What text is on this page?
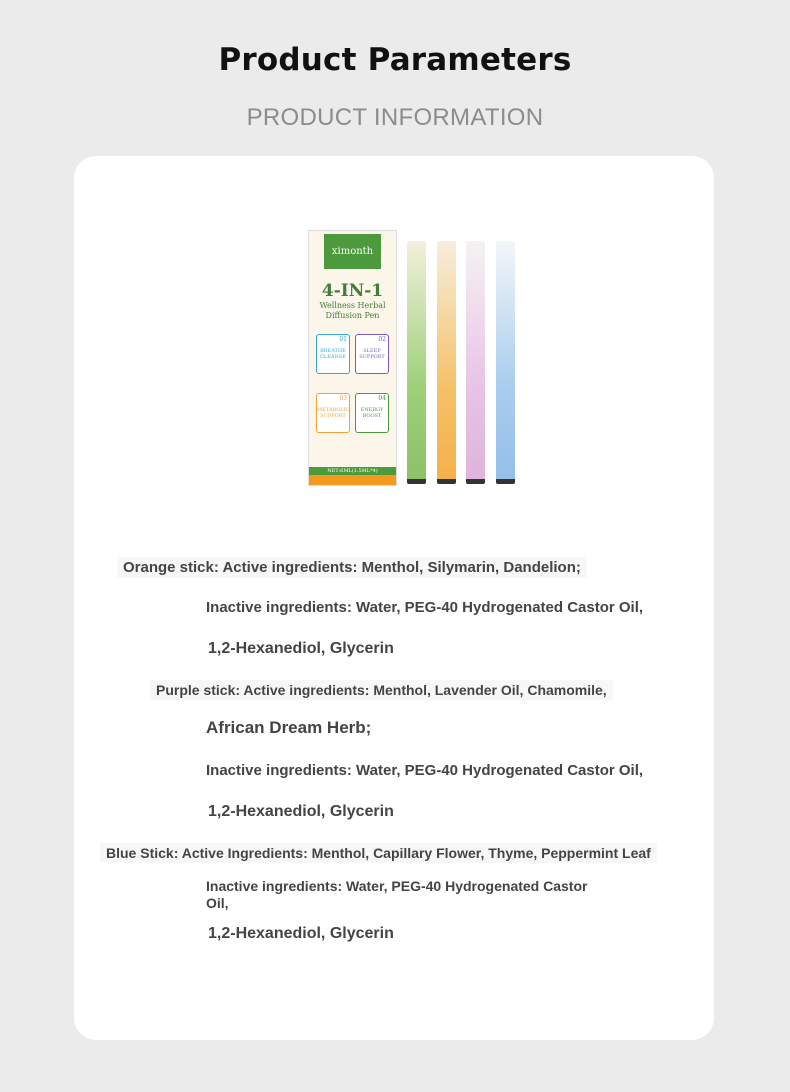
Product Parameters
PRODUCT INFORMATION
ximonth
4-IN-1
Wellness Herbal
Diffusion Pen
01
BREATHE CLEANSE
02
SLEEP SUPPORT
03
METABOLIC SUPPORT
04
ENERGY BOOST
NET:6ML(1.5ML*4)
Orange stick: Active ingredients: Menthol, Silymarin, Dandelion;
Inactive ingredients: Water, PEG-40 Hydrogenated Castor Oil,
1,2-Hexanediol, Glycerin
Purple stick: Active ingredients: Menthol, Lavender Oil, Chamomile,
African Dream Herb;
Inactive ingredients: Water, PEG-40 Hydrogenated Castor Oil,
1,2-Hexanediol, Glycerin
Blue Stick: Active Ingredients: Menthol, Capillary Flower, Thyme, Peppermint Leaf
Inactive ingredients: Water, PEG-40 Hydrogenated Castor
Oil,
1,2-Hexanediol, Glycerin
